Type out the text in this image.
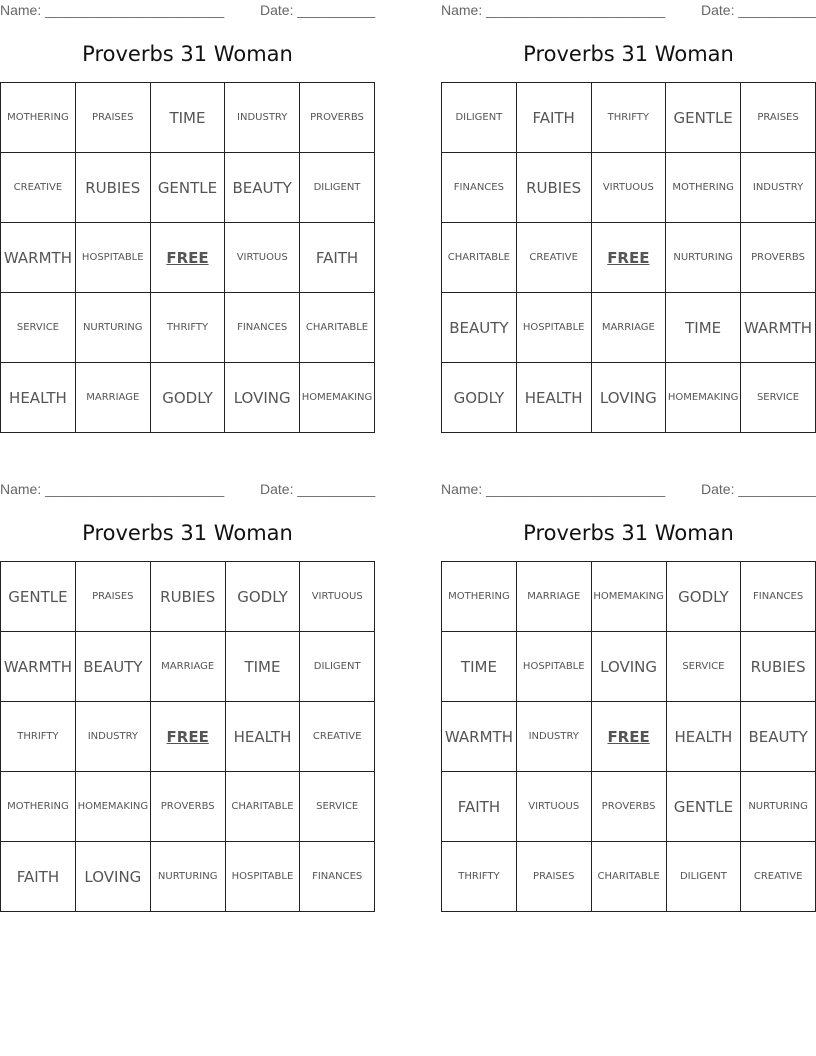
Name: _______________________	Date: __________
Proverbs 31 Woman
MOTHERING	PRAISES	TIME	INDUSTRY	PROVERBS
CREATIVE	RUBIES	GENTLE	BEAUTY	DILIGENT
WARMTH	HOSPITABLE	FREE	VIRTUOUS	FAITH
SERVICE	NURTURING	THRIFTY	FINANCES	CHARITABLE
HEALTH	MARRIAGE	GODLY	LOVING	HOMEMAKING
Name: _______________________	Date: __________
Proverbs 31 Woman
DILIGENT	FAITH	THRIFTY	GENTLE	PRAISES
FINANCES	RUBIES	VIRTUOUS	MOTHERING	INDUSTRY
CHARITABLE	CREATIVE	FREE	NURTURING	PROVERBS
BEAUTY	HOSPITABLE	MARRIAGE	TIME	WARMTH
GODLY	HEALTH	LOVING	HOMEMAKING	SERVICE
Name: _______________________	Date: __________
Proverbs 31 Woman
GENTLE	PRAISES	RUBIES	GODLY	VIRTUOUS
WARMTH	BEAUTY	MARRIAGE	TIME	DILIGENT
THRIFTY	INDUSTRY	FREE	HEALTH	CREATIVE
MOTHERING	HOMEMAKING	PROVERBS	CHARITABLE	SERVICE
FAITH	LOVING	NURTURING	HOSPITABLE	FINANCES
Name: _______________________	Date: __________
Proverbs 31 Woman
MOTHERING	MARRIAGE	HOMEMAKING	GODLY	FINANCES
TIME	HOSPITABLE	LOVING	SERVICE	RUBIES
WARMTH	INDUSTRY	FREE	HEALTH	BEAUTY
FAITH	VIRTUOUS	PROVERBS	GENTLE	NURTURING
THRIFTY	PRAISES	CHARITABLE	DILIGENT	CREATIVE
